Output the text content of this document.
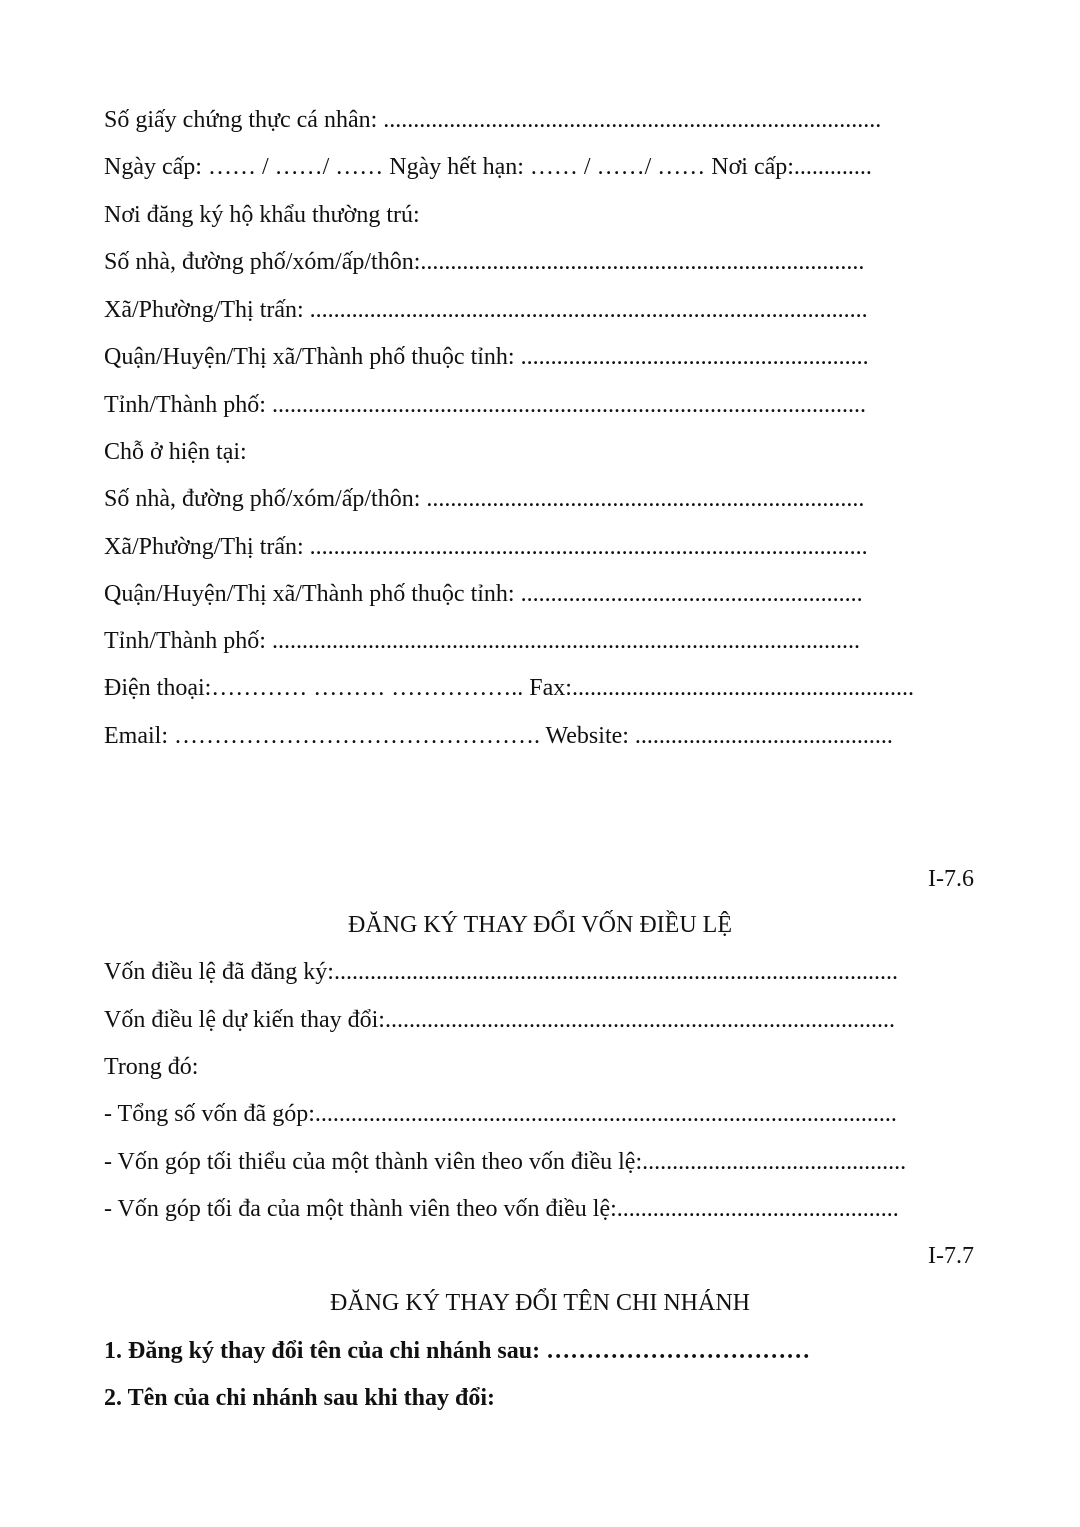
Số giấy chứng thực cá nhân: ...................................................................................
Ngày cấp: …… / ……/ …… Ngày hết hạn: …… / ……/ …… Nơi cấp:.............
Nơi đăng ký hộ khẩu thường trú:
Số nhà, đường phố/xóm/ấp/thôn:..........................................................................
Xã/Phường/Thị trấn: .............................................................................................
Quận/Huyện/Thị xã/Thành phố thuộc tỉnh: ..........................................................
Tỉnh/Thành phố: ...................................................................................................
Chỗ ở hiện tại:
Số nhà, đường phố/xóm/ấp/thôn: .........................................................................
Xã/Phường/Thị trấn: .............................................................................................
Quận/Huyện/Thị xã/Thành phố thuộc tỉnh: .........................................................
Tỉnh/Thành phố: ..................................................................................................
Điện thoại:………… ……… …………….. Fax:.........................................................
Email: ………………………………………. Website: ...........................................
I-7.6
ĐĂNG KÝ THAY ĐỔI VỐN ĐIỀU LỆ
Vốn điều lệ đã đăng ký:..............................................................................................
Vốn điều lệ dự kiến thay đổi:.....................................................................................
Trong đó:
- Tổng số vốn đã góp:.................................................................................................
- Vốn góp tối thiểu của một thành viên theo vốn điều lệ:............................................
- Vốn góp tối đa của một thành viên theo vốn điều lệ:...............................................
I-7.7
ĐĂNG KÝ THAY ĐỔI TÊN CHI NHÁNH
1. Đăng ký thay đổi tên của chi nhánh sau: ……………………………
2. Tên của chi nhánh sau khi thay đổi:
